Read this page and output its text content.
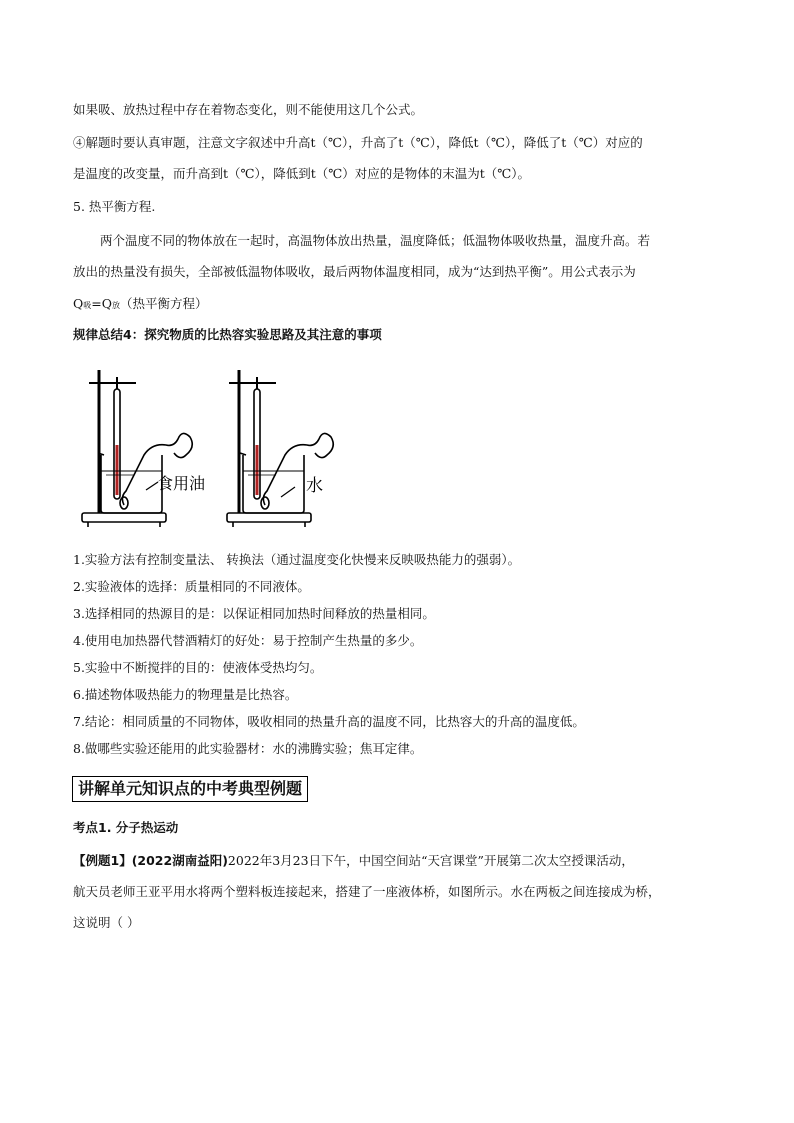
如果吸、放热过程中存在着物态变化，则不能使用这几个公式。
④解题时要认真审题，注意文字叙述中升高t（℃），升高了t（℃），降低t（℃），降低了t（℃）对应的
是温度的改变量，而升高到t（℃），降低到t（℃）对应的是物体的末温为t（℃）。
5. 热平衡方程.
两个温度不同的物体放在一起时，高温物体放出热量，温度降低；低温物体吸收热量，温度升高。若
放出的热量没有损失，全部被低温物体吸收，最后两物体温度相同，成为“达到热平衡”。用公式表示为
Q吸=Q放（热平衡方程）
规律总结4：探究物质的比热容实验思路及其注意的事项
食用油	水
1.实验方法有控制变量法、 转换法（通过温度变化快慢来反映吸热能力的强弱）。
2.实验液体的选择：质量相同的不同液体。
3.选择相同的热源目的是：以保证相同加热时间释放的热量相同。
4.使用电加热器代替酒精灯的好处：易于控制产生热量的多少。
5.实验中不断搅拌的目的：使液体受热均匀。
6.描述物体吸热能力的物理量是比热容。
7.结论：相同质量的不同物体，吸收相同的热量升高的温度不同，比热容大的升高的温度低。
8.做哪些实验还能用的此实验器材：水的沸腾实验；焦耳定律。
讲解单元知识点的中考典型例题
考点1. 分子热运动
【例题1】(2022湖南益阳)2022年3月23日下午，中国空间站“天宫课堂”开展第二次太空授课活动，
航天员老师王亚平用水将两个塑料板连接起来，搭建了一座液体桥，如图所示。水在两板之间连接成为桥，
这说明（ ）
